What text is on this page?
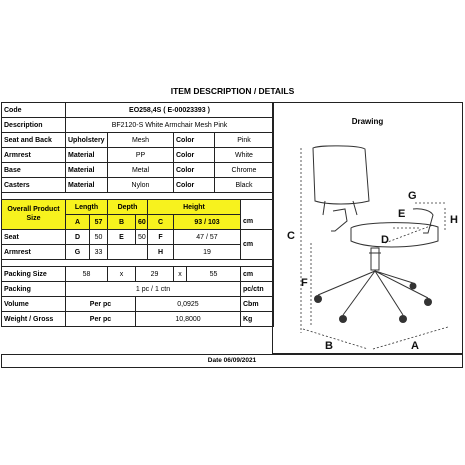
ITEM DESCRIPTION / DETAILS
Code	EO258,4S ( E-00023393 )								
Description	BF2120-S White Armchair Mesh Pink								
Seat and Back	Upholstery		Mesh			Color		Pink	
Armrest	Material		PP			Color		White	
Base	Material		Metal			Color		Chrome	
Casters	Material		Nylon			Color		Black	

Overall Product Size	Length		Depth		Height				
	A	57	B	60	C	93 / 103			cm
Seat	D	50	E	50	F	47 / 57			cm
Armrest	G	33			H	19			

Packing Size	58		x	29		x	55		cm
Packing	1 pc / 1 ctn								pc/ctn
Volume	Per pc			0,0925					Cbm
Weight / Gross	Per pc			10,8000					Kg
Drawing
C
F
G
H
E
D
B	A
Date 06/09/2021
